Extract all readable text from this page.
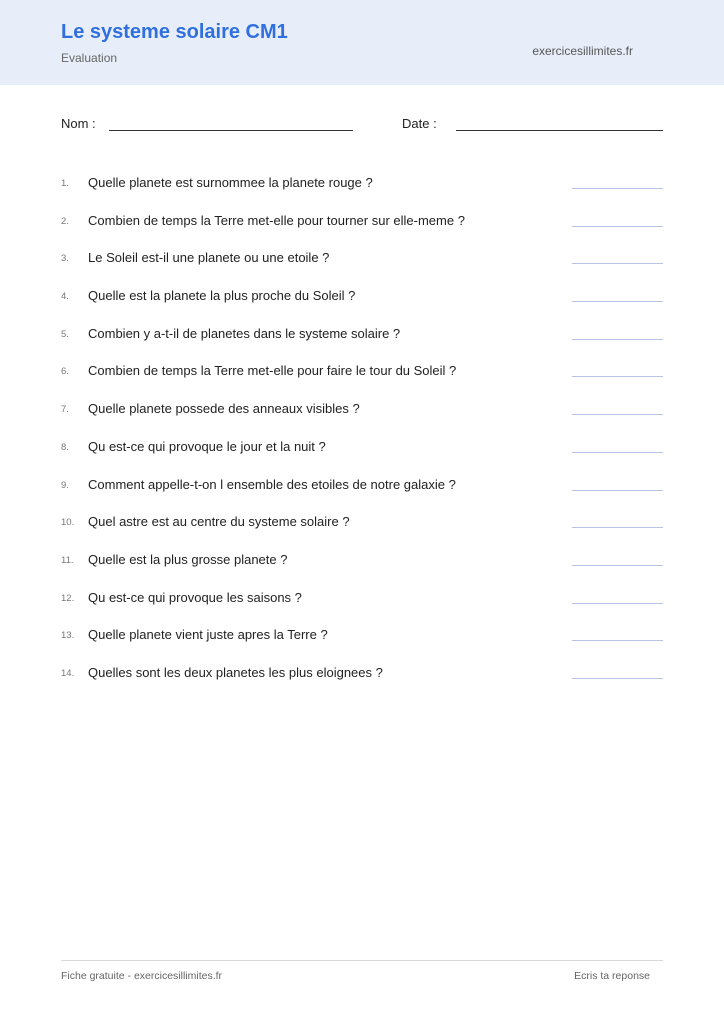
Le systeme solaire CM1
Evaluation	exercicesillimites.fr
Nom :	Date :
1.	Quelle planete est surnommee la planete rouge ?
2.	Combien de temps la Terre met-elle pour tourner sur elle-meme ?
3.	Le Soleil est-il une planete ou une etoile ?
4.	Quelle est la planete la plus proche du Soleil ?
5.	Combien y a-t-il de planetes dans le systeme solaire ?
6.	Combien de temps la Terre met-elle pour faire le tour du Soleil ?
7.	Quelle planete possede des anneaux visibles ?
8.	Qu est-ce qui provoque le jour et la nuit ?
9.	Comment appelle-t-on l ensemble des etoiles de notre galaxie ?
10.	Quel astre est au centre du systeme solaire ?
11.	Quelle est la plus grosse planete ?
12.	Qu est-ce qui provoque les saisons ?
13.	Quelle planete vient juste apres la Terre ?
14.	Quelles sont les deux planetes les plus eloignees ?
Fiche gratuite - exercicesillimites.fr	Ecris ta reponse
